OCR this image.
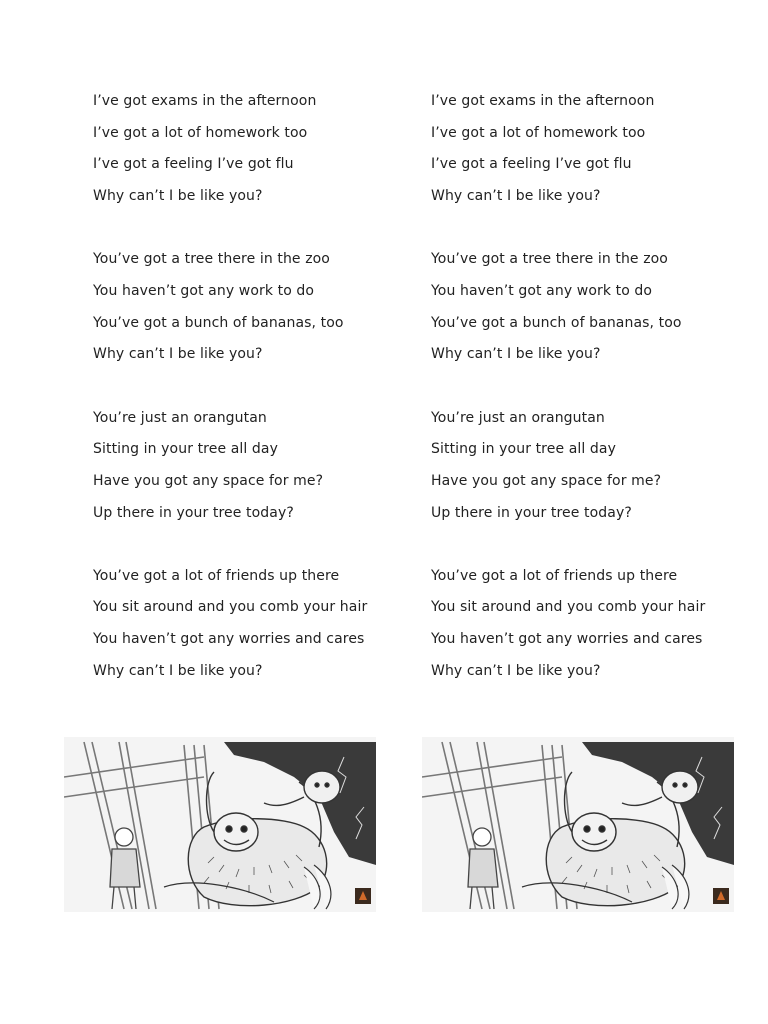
I’ve got exams in the afternoon
I’ve got a lot of homework too
I’ve got a feeling I’ve got flu
Why can’t I be like you?
You’ve got a tree there in the zoo
You haven’t got any work to do
You’ve got a bunch of bananas, too
Why can’t I be like you?
You’re just an orangutan
Sitting in your tree all day
Have you got any space for me?
Up there in your tree today?
You’ve got a lot of friends up there
You sit around and you comb your hair
You haven’t got any worries and cares
Why can’t I be like you?
I’ve got exams in the afternoon
I’ve got a lot of homework too
I’ve got a feeling I’ve got flu
Why can’t I be like you?
You’ve got a tree there in the zoo
You haven’t got any work to do
You’ve got a bunch of bananas, too
Why can’t I be like you?
You’re just an orangutan
Sitting in your tree all day
Have you got any space for me?
Up there in your tree today?
You’ve got a lot of friends up there
You sit around and you comb your hair
You haven’t got any worries and cares
Why can’t I be like you?
